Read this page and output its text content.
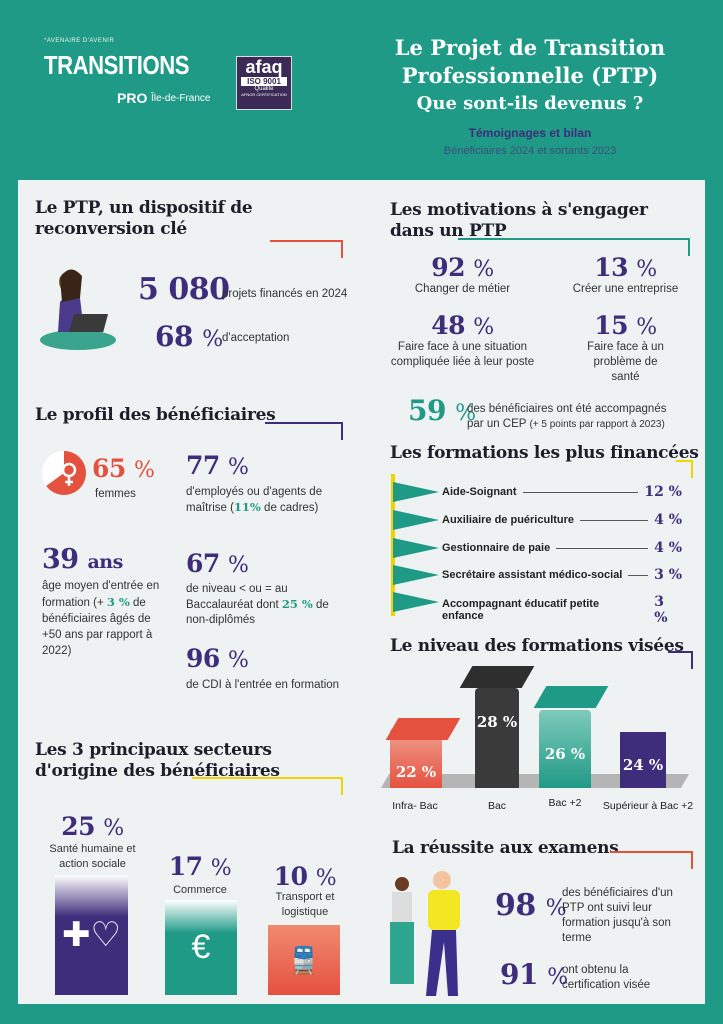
*AVENAIRE D'AVENIR
TRANSITIONS
PRO Île-de-France
afaq
ISO 9001
Qualite
AFNOR CERTIFICATION
Le Projet de Transition
Professionnelle (PTP)
Que sont-ils devenus ?
Témoignages et bilan
Bénéficiaires 2024 et sortants 2023
Le PTP, un dispositif de reconversion clé
5 080
projets financés en 2024
68 % d'acceptation
Le profil des bénéficiaires
65 %
femmes
77 %
d'employés ou d'agents de maîtrise (11% de cadres)
39 ans
âge moyen d'entrée en formation (+ 3 % de bénéficiaires âgés de +50 ans par rapport à 2022)
67 %
de niveau < ou = au Baccalauréat dont 25 % de non-diplômés
96 %
de CDI à l'entrée en formation
Les 3 principaux secteurs d'origine des bénéficiaires
25 %
Santé humaine et action sociale
✚♡
17 %
Commerce
€
10 %
Transport et logistique
🚆
Les motivations à s'engager dans un PTP
92 %
Changer de métier
13 %
Créer une entreprise
48 %
Faire face à une situation compliquée liée à leur poste
15 %
Faire face à un problème de santé
59 %
des bénéficiaires ont été accompagnés par un CEP (+ 5 points par rapport à 2023)
Les formations les plus financées
Aide-Soignant	12 %
Auxiliaire de puériculture	4 %
Gestionnaire de paie	4 %
Secrétaire assistant médico-social 3 %
Accompagnant éducatif petite enfance
3 %
Le niveau des formations visées
22 %
28 %
26 %
24 %
Infra- Bac	Bac	Bac +2	Supérieur à Bac +2
La réussite aux examens
98 %
des bénéficiaires d'un PTP ont suivi leur formation jusqu'à son terme
91 %
ont obtenu la certification visée
